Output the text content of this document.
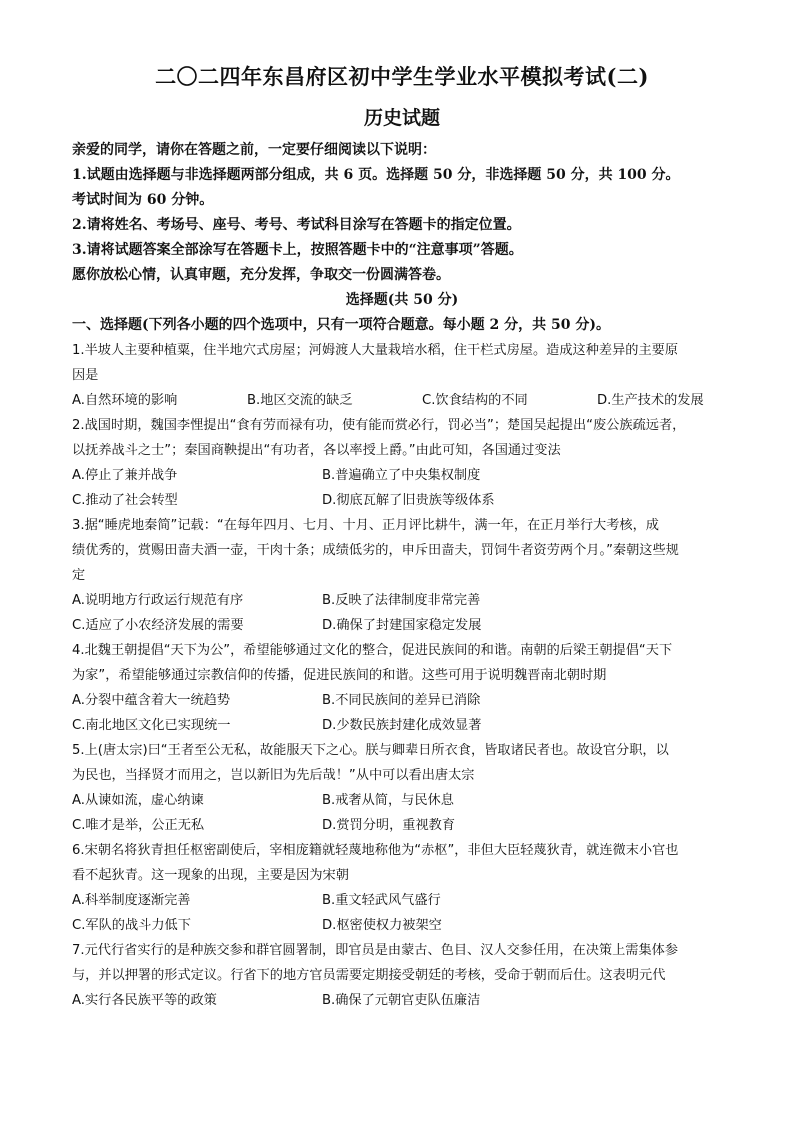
二〇二四年东昌府区初中学生学业水平模拟考试(二)
历史试题

亲爱的同学，请你在答题之前，一定要仔细阅读以下说明：

1.试题由选择题与非选择题两部分组成，共 6 页。选择题 50 分，非选择题 50 分，共 100 分。

考试时间为 60 分钟。

2.请将姓名、考场号、座号、考号、考试科目涂写在答题卡的指定位置。

3.请将试题答案全部涂写在答题卡上，按照答题卡中的“注意事项”答题。

愿你放松心情，认真审题，充分发挥，争取交一份圆满答卷。

选择题(共 50 分)

一、选择题(下列各小题的四个选项中，只有一项符合题意。每小题 2 分，共 50 分)。

1.半坡人主要种植粟，住半地穴式房屋；河姆渡人大量栽培水稻，住干栏式房屋。造成这种差异的主要原

因是

A.自然环境的影响	B.地区交流的缺乏	C.饮食结构的不同	D.生产技术的发展

2.战国时期，魏国李悝提出“食有劳而禄有功，使有能而赏必行，罚必当”；楚国吴起提出“废公族疏远者，

以抚养战斗之士”；秦国商鞅提出“有功者，各以率授上爵。”由此可知，各国通过变法

A.停止了兼并战争	B.普遍确立了中央集权制度
C.推动了社会转型	D.彻底瓦解了旧贵族等级体系

3.据“睡虎地秦简”记载：“在每年四月、七月、十月、正月评比耕牛，满一年，在正月举行大考核，成

绩优秀的，赏赐田啬夫酒一壶，干肉十条；成绩低劣的，申斥田啬夫，罚饲牛者资劳两个月。”秦朝这些规

定

A.说明地方行政运行规范有序	B.反映了法律制度非常完善
C.适应了小农经济发展的需要	D.确保了封建国家稳定发展

4.北魏王朝提倡“天下为公”，希望能够通过文化的整合，促进民族间的和谐。南朝的后梁王朝提倡“天下

为家”，希望能够通过宗教信仰的传播，促进民族间的和谐。这些可用于说明魏晋南北朝时期

A.分裂中蕴含着大一统趋势	B.不同民族间的差异已消除
C.南北地区文化已实现统一	D.少数民族封建化成效显著

5.上(唐太宗)曰“王者至公无私，故能服天下之心。朕与卿辈日所衣食，皆取诸民者也。故设官分职，以

为民也，当择贤才而用之，岂以新旧为先后哉！”从中可以看出唐太宗

A.从谏如流，虚心纳谏	B.戒奢从简，与民休息
C.唯才是举，公正无私	D.赏罚分明，重视教育

6.宋朝名将狄青担任枢密副使后，宰相庞籍就轻蔑地称他为“赤枢”，非但大臣轻蔑狄青，就连微末小官也

看不起狄青。这一现象的出现，主要是因为宋朝

A.科举制度逐渐完善	B.重文轻武风气盛行
C.军队的战斗力低下	D.枢密使权力被架空

7.元代行省实行的是种族交参和群官圆署制，即官员是由蒙古、色目、汉人交参任用，在决策上需集体参

与，并以押署的形式定议。行省下的地方官员需要定期接受朝廷的考核，受命于朝而后仕。这表明元代

A.实行各民族平等的政策	B.确保了元朝官吏队伍廉洁
